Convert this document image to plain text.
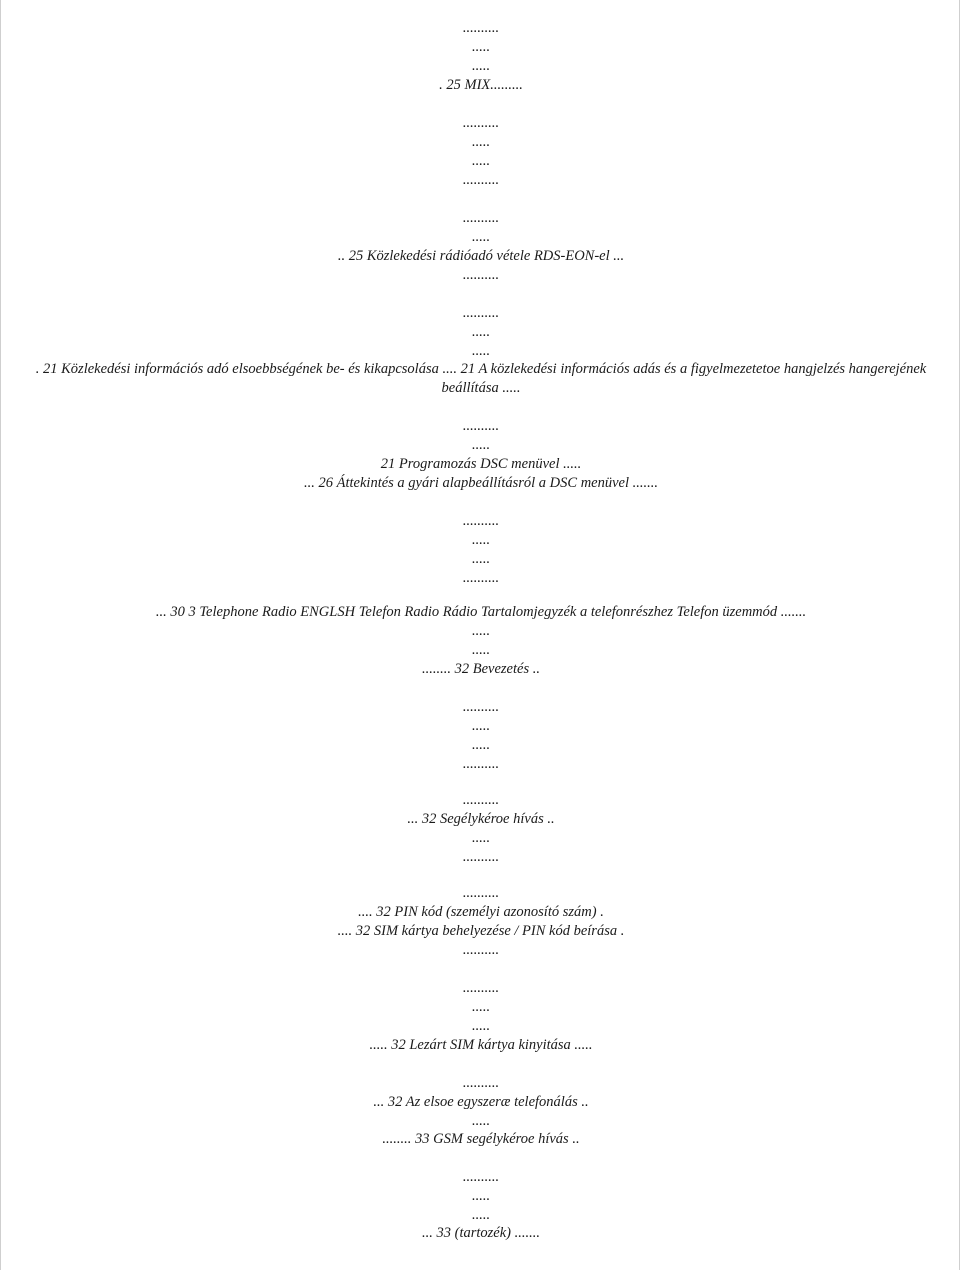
..........
.....
.....
. 25 MIX.........
..........
.....
.....
..........
..........
.....
.. 25 Közlekedési rádióadó vétele RDS-EON-el ...
..........
..........
.....
.....
. 21 Közlekedési információs adó elsoebbségének be- és kikapcsolása .... 21 A közlekedési információs adás és a figyelmezetetoe hangjelzés hangerejének
beállítása .....
..........
.....
21 Programozás DSC menüvel .....
... 26 Áttekintés a gyári alapbeállításról a DSC menüvel .......
..........
.....
.....
..........
... 30 3 Telephone Radio ENGLSH Telefon Radio Rádio Tartalomjegyzék a telefonrészhez Telefon üzemmód .......
.....
.....
........ 32 Bevezetés ..
..........
.....
.....
..........
..........
... 32 Segélykéroe hívás ..
.....
..........
..........
.... 32 PIN kód (személyi azonosító szám) .
.... 32 SIM kártya behelyezése / PIN kód beírása .
..........
..........
.....
.....
..... 32 Lezárt SIM kártya kinyitása .....
..........
... 32 Az elsoe egyszeræ telefonálás ..
.....
........ 33 GSM segélykéroe hívás ..
..........
.....
.....
... 33 (tartozék) .......
